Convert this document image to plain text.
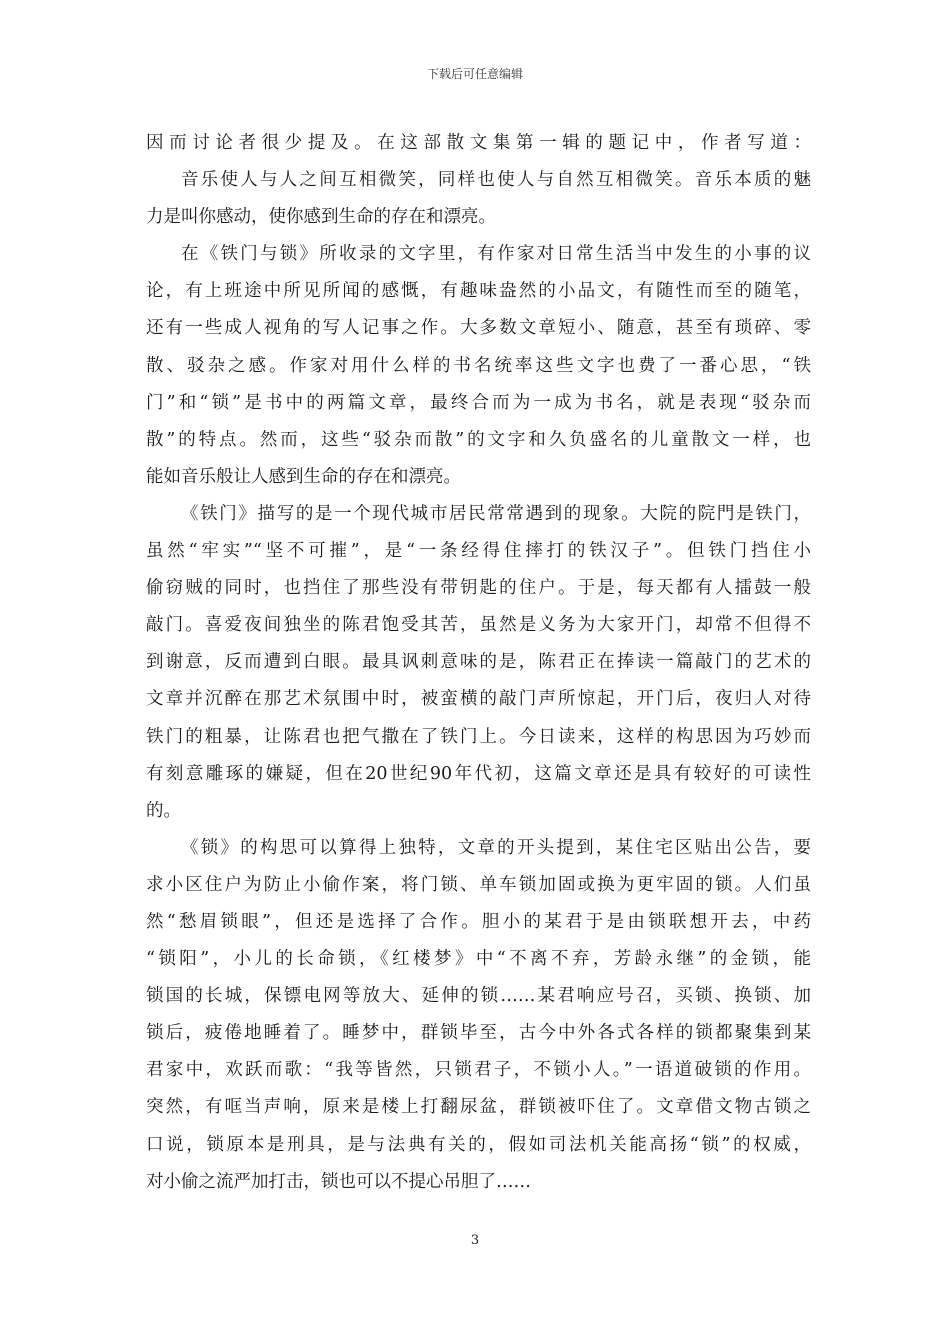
下载后可任意编辑
因而讨论者很少提及。在这部散文集第一辑的题记中，作者写道：
音乐使人与人之间互相微笑，同样也使人与自然互相微笑。音乐本质的魅
力是叫你感动，使你感到生命的存在和漂亮。
在《铁门与锁》所收录的文字里，有作家对日常生活当中发生的小事的议
论，有上班途中所见所闻的感慨，有趣味盎然的小品文，有随性而至的随笔，
还有一些成人视角的写人记事之作。大多数文章短小、随意，甚至有琐碎、零
散、驳杂之感。作家对用什么样的书名统率这些文字也费了一番心思，“铁
门”和“锁”是书中的两篇文章，最终合而为一成为书名，就是表现“驳杂而
散”的特点。然而，这些“驳杂而散”的文字和久负盛名的儿童散文一样，也
能如音乐般让人感到生命的存在和漂亮。
《铁门》描写的是一个现代城市居民常常遇到的现象。大院的院門是铁门，
虽然“牢实”“坚不可摧”，是“一条经得住摔打的铁汉子”。但铁门挡住小
偷窃贼的同时，也挡住了那些没有带钥匙的住户。于是，每天都有人擂鼓一般
敲门。喜爱夜间独坐的陈君饱受其苦，虽然是义务为大家开门，却常不但得不
到谢意，反而遭到白眼。最具讽刺意味的是，陈君正在捧读一篇敲门的艺术的
文章并沉醉在那艺术氛围中时，被蛮横的敲门声所惊起，开门后，夜归人对待
铁门的粗暴，让陈君也把气撒在了铁门上。今日读来，这样的构思因为巧妙而
有刻意雕琢的嫌疑，但在20世纪90年代初，这篇文章还是具有较好的可读性
的。
《锁》的构思可以算得上独特，文章的开头提到，某住宅区贴出公告，要
求小区住户为防止小偷作案，将门锁、单车锁加固或换为更牢固的锁。人们虽
然“愁眉锁眼”，但还是选择了合作。胆小的某君于是由锁联想开去，中药
“锁阳”，小儿的长命锁，《红楼梦》中“不离不弃，芳龄永继”的金锁，能
锁国的长城，保镖电网等放大、延伸的锁……某君响应号召，买锁、换锁、加
锁后，疲倦地睡着了。睡梦中，群锁毕至，古今中外各式各样的锁都聚集到某
君家中，欢跃而歌：“我等皆然，只锁君子，不锁小人。”一语道破锁的作用。
突然，有哐当声响，原来是楼上打翻尿盆，群锁被吓住了。文章借文物古锁之
口说，锁原本是刑具，是与法典有关的，假如司法机关能高扬“锁”的权威，
对小偷之流严加打击，锁也可以不提心吊胆了……
3
